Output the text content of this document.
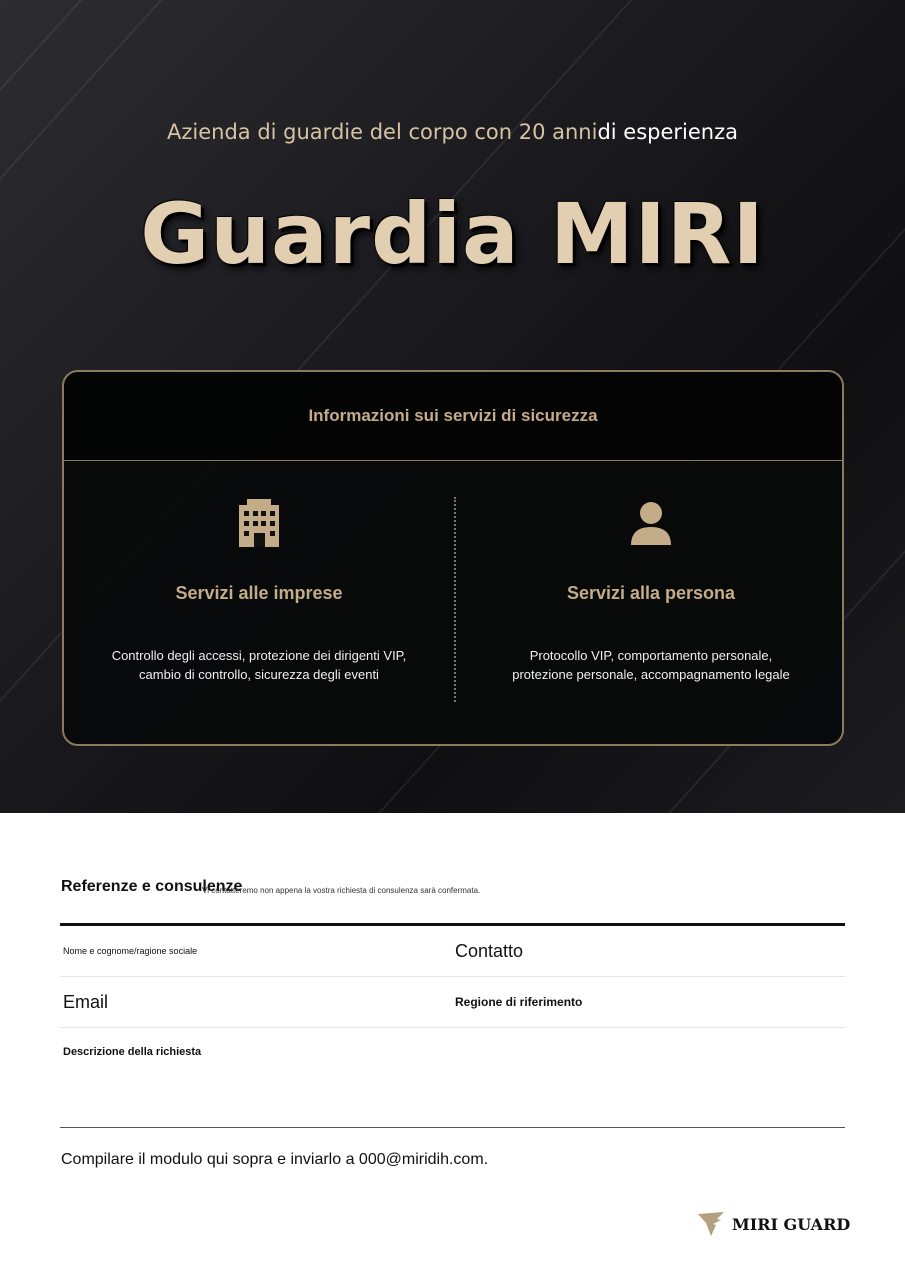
Azienda di guardie del corpo con 20 annidi esperienza
Guardia MIRI
Informazioni sui servizi di sicurezza
Servizi alle imprese

Controllo degli accessi, protezione dei dirigenti VIP,
cambio di controllo, sicurezza degli eventi

Servizi alla persona

Protocollo VIP, comportamento personale,
protezione personale, accompagnamento legale

Referenze e consulenze
Vi contatteremo non appena la vostra richiesta di consulenza sarà confermata.
Nome e cognome/ragione sociale	Contatto
Email	Regione di riferimento
Descrizione della richiesta
Compilare il modulo qui sopra e inviarlo a 000@miridih.com.
MIRI GUARD
